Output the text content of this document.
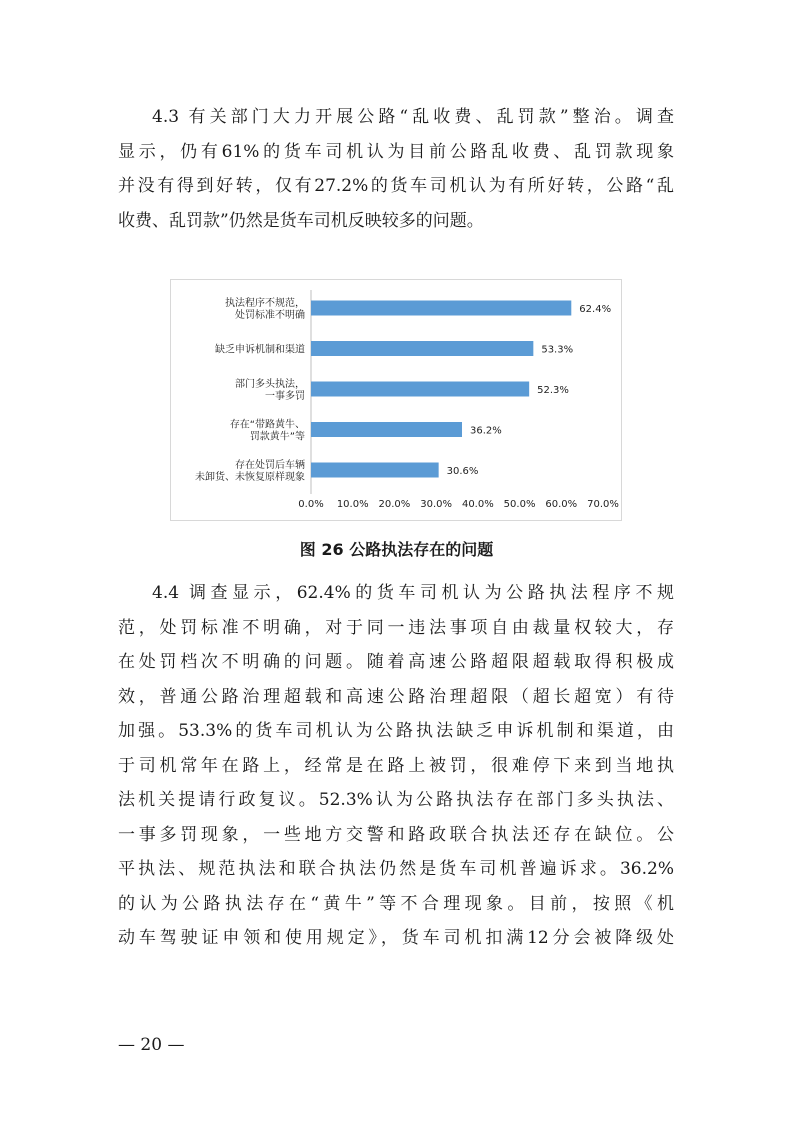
4.3 有关部门大力开展公路“乱收费、乱罚款”整治。调查
显示，仍有61%的货车司机认为目前公路乱收费、乱罚款现象
并没有得到好转，仅有27.2%的货车司机认为有所好转，公路“乱
收费、乱罚款”仍然是货车司机反映较多的问题。
62.4%
执法程序不规范，
处罚标准不明确
53.3%
缺乏申诉机制和渠道
52.3%
部门多头执法，
一事多罚
36.2%
存在“带路黄牛、
罚款黄牛”等
30.6%
存在处罚后车辆
未卸货、未恢复原样现象
0.0% 10.0% 20.0% 30.0% 40.0% 50.0% 60.0% 70.0%
图 26 公路执法存在的问题
4.4 调查显示，62.4%的货车司机认为公路执法程序不规
范，处罚标准不明确，对于同一违法事项自由裁量权较大，存
在处罚档次不明确的问题。随着高速公路超限超载取得积极成
效，普通公路治理超载和高速公路治理超限（超长超宽）有待
加强。53.3%的货车司机认为公路执法缺乏申诉机制和渠道，由
于司机常年在路上，经常是在路上被罚，很难停下来到当地执
法机关提请行政复议。52.3%认为公路执法存在部门多头执法、
一事多罚现象，一些地方交警和路政联合执法还存在缺位。公
平执法、规范执法和联合执法仍然是货车司机普遍诉求。36.2%
的认为公路执法存在“黄牛”等不合理现象。目前，按照《机
动车驾驶证申领和使用规定》，货车司机扣满12分会被降级处
— 20 —
